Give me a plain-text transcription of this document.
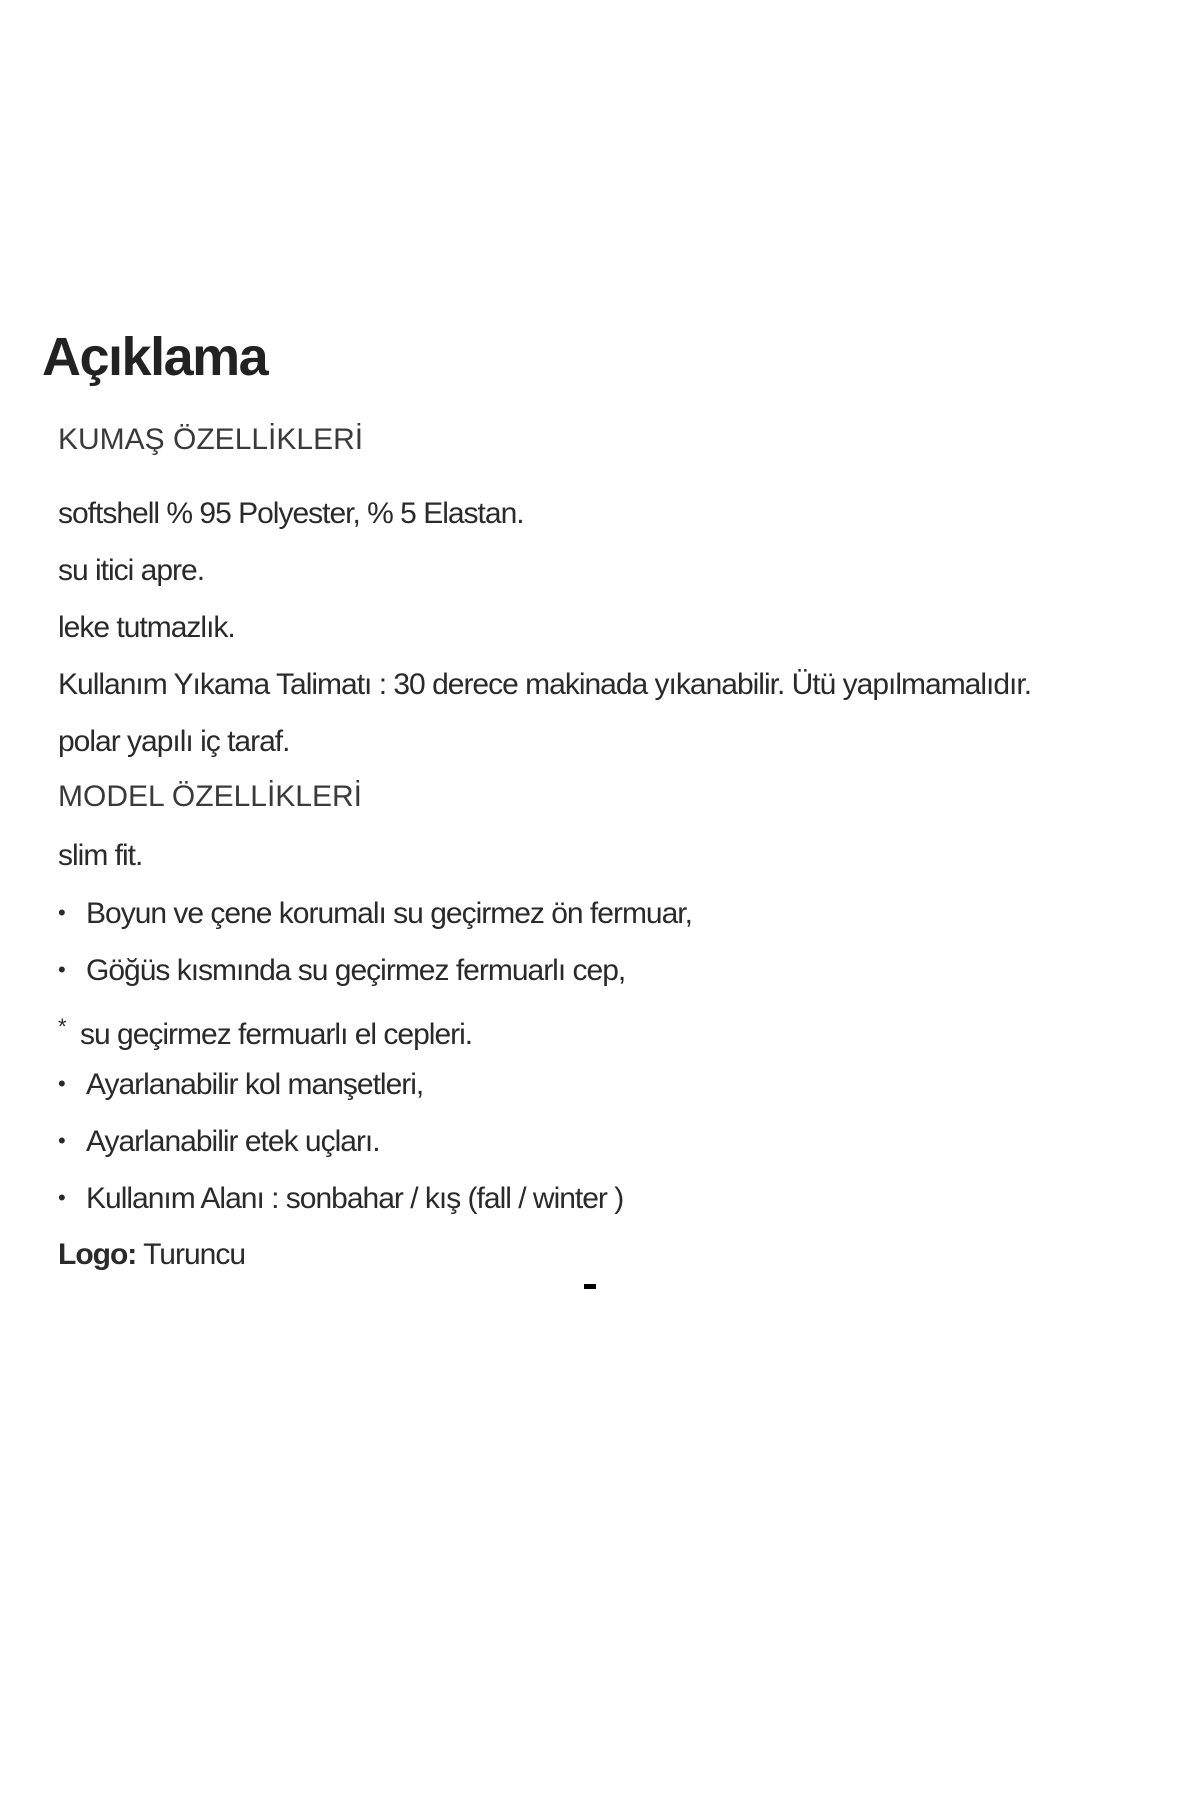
Açıklama

KUMAŞ ÖZELLİKLERİ

softshell % 95 Polyester, % 5 Elastan.

su itici apre.

leke tutmazlık.

Kullanım Yıkama Talimatı : 30 derece makinada yıkanabilir. Ütü yapılmamalıdır.

polar yapılı iç taraf.

MODEL ÖZELLİKLERİ

slim fit.

• Boyun ve çene korumalı su geçirmez ön fermuar,

• Göğüs kısmında su geçirmez fermuarlı cep,

* su geçirmez fermuarlı el cepleri.

• Ayarlanabilir kol manşetleri,

• Ayarlanabilir etek uçları.

• Kullanım Alanı : sonbahar / kış (fall / winter )

Logo: Turuncu
